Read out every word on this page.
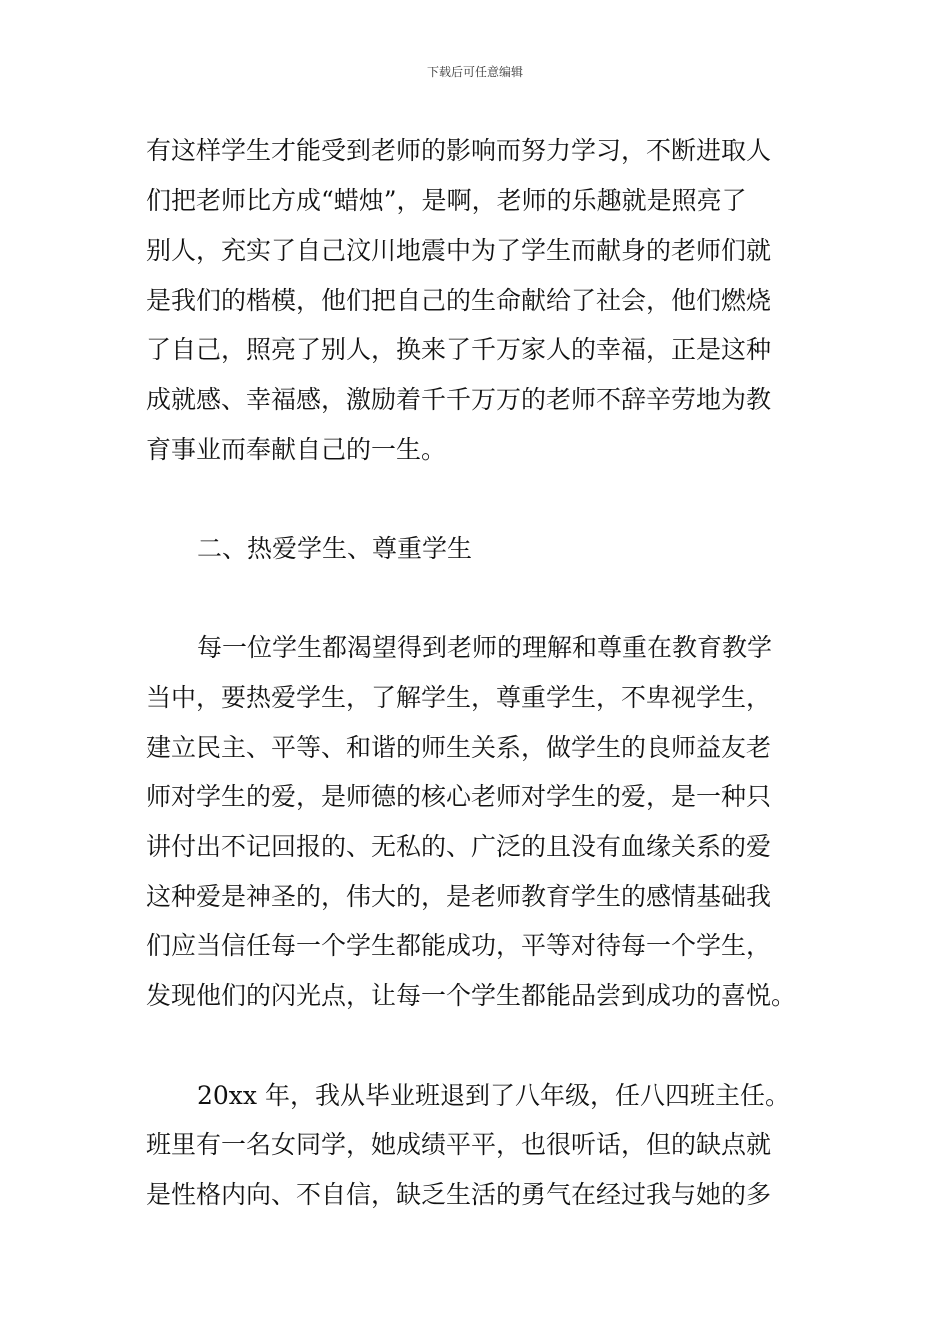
下载后可任意编辑
有这样学生才能受到老师的影响而努力学习，不断进取人
们把老师比方成“蜡烛”，是啊，老师的乐趣就是照亮了
别人，充实了自己汶川地震中为了学生而献身的老师们就
是我们的楷模，他们把自己的生命献给了社会，他们燃烧
了自己，照亮了别人，换来了千万家人的幸福，正是这种
成就感、幸福感，激励着千千万万的老师不辞辛劳地为教
育事业而奉献自己的一生。
二、热爱学生、尊重学生
每一位学生都渴望得到老师的理解和尊重在教育教学
当中，要热爱学生，了解学生，尊重学生，不卑视学生，
建立民主、平等、和谐的师生关系，做学生的良师益友老
师对学生的爱，是师德的核心老师对学生的爱，是一种只
讲付出不记回报的、无私的、广泛的且没有血缘关系的爱
这种爱是神圣的，伟大的，是老师教育学生的感情基础我
们应当信任每一个学生都能成功，平等对待每一个学生，
发现他们的闪光点，让每一个学生都能品尝到成功的喜悦。
20xx 年，我从毕业班退到了八年级，任八四班主任。
班里有一名女同学，她成绩平平，也很听话，但的缺点就
是性格内向、不自信，缺乏生活的勇气在经过我与她的多
